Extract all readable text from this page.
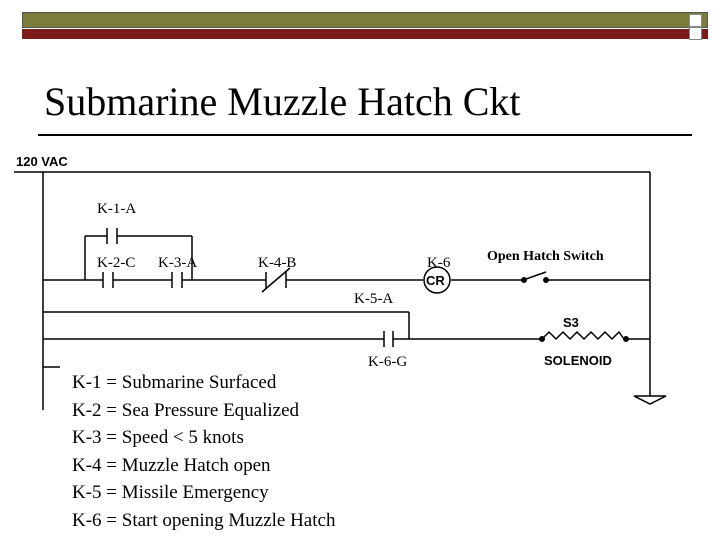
Submarine Muzzle Hatch Ckt
120 VAC
K-1-A
K-2-C K-3-A	K-4-B	K-6
K-5-A
K-6-G
CR
Open Hatch Switch
S3
SOLENOID
K-1 = Submarine Surfaced
K-2 = Sea Pressure Equalized
K-3 = Speed < 5 knots
K-4 = Muzzle Hatch open
K-5 = Missile Emergency
K-6 = Start opening Muzzle Hatch
